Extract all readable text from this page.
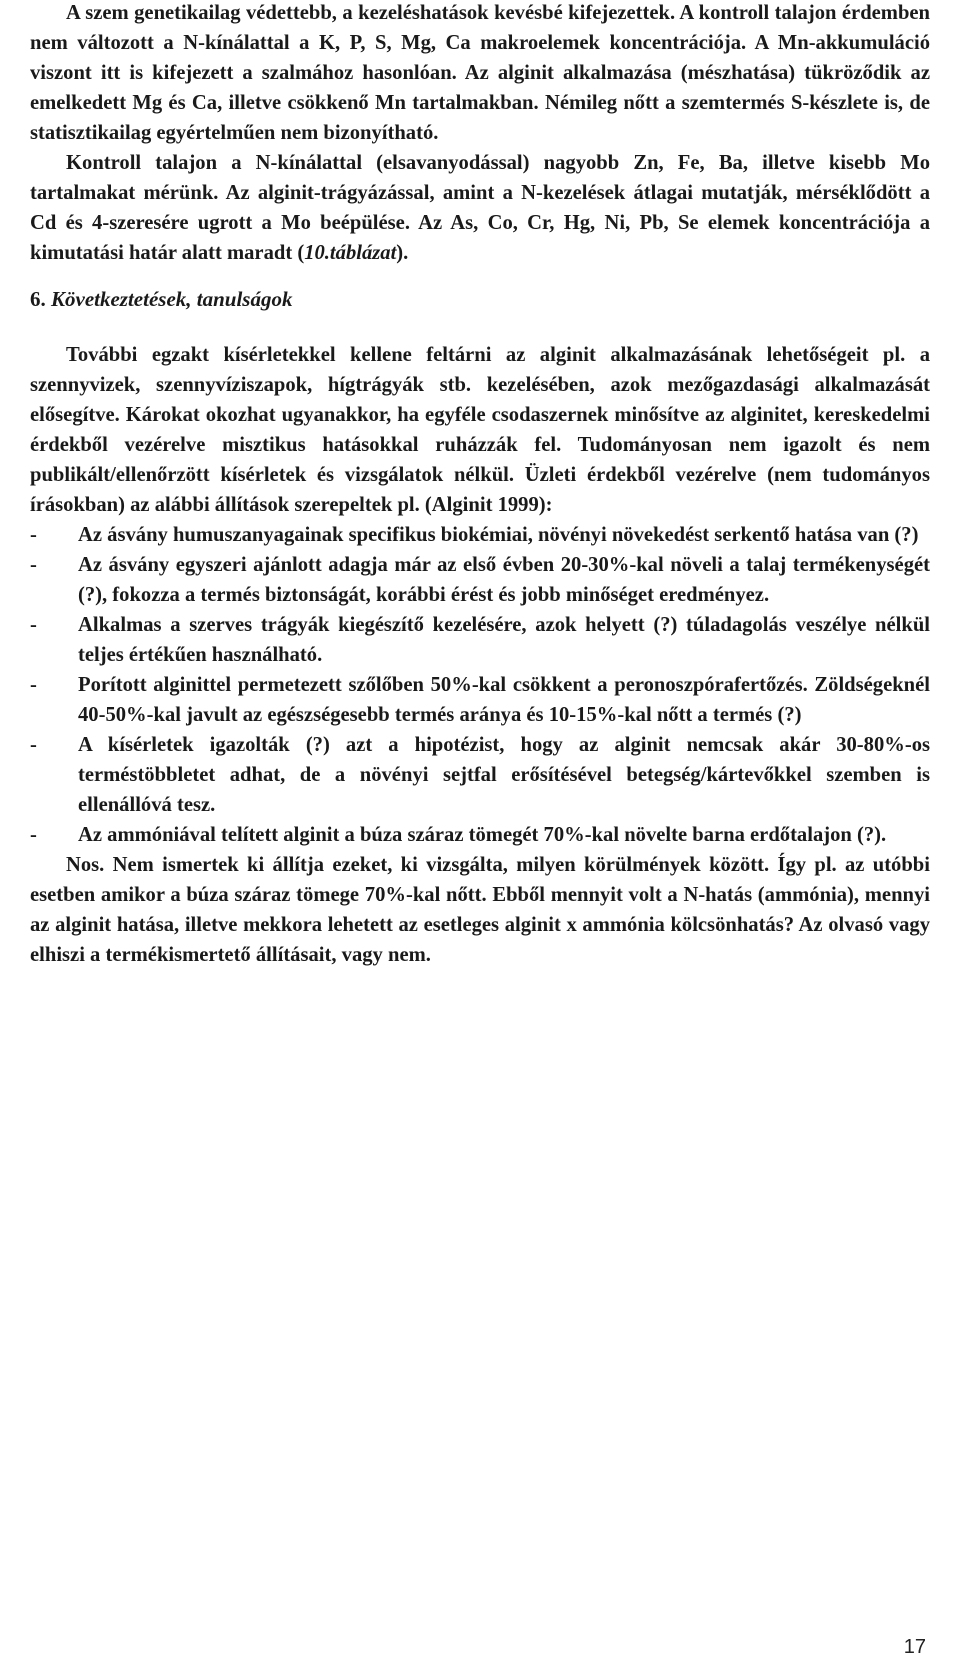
A szem genetikailag védettebb, a kezeléshatások kevésbé kifejezettek. A kontroll talajon érdemben nem változott a N-kínálattal a K, P, S, Mg, Ca makroelemek koncentrációja. A Mn-akkumuláció viszont itt is kifejezett a szalmához hasonlóan. Az alginit alkalmazása (mészhatása) tükröződik az emelkedett Mg és Ca, illetve csökkenő Mn tartalmakban. Némileg nőtt a szemtermés S-készlete is, de statisztikailag egyértelműen nem bizonyítható.

Kontroll talajon a N-kínálattal (elsavanyodással) nagyobb Zn, Fe, Ba, illetve kisebb Mo tartalmakat mérünk. Az alginit-trágyázással, amint a N-kezelések átlagai mutatják, mérséklődött a Cd és 4-szeresére ugrott a Mo beépülése. Az As, Co, Cr, Hg, Ni, Pb, Se elemek koncentrációja a kimutatási határ alatt maradt (10.táblázat).

6. Következtetések, tanulságok

További egzakt kísérletekkel kellene feltárni az alginit alkalmazásának lehetőségeit pl. a szennyvizek, szennyvíziszapok, hígtrágyák stb. kezelésében, azok mezőgazdasági alkalmazását elősegítve. Károkat okozhat ugyanakkor, ha egyféle csodaszernek minősítve az alginitet, kereskedelmi érdekből vezérelve misztikus hatásokkal ruházzák fel. Tudományosan nem igazolt és nem publikált/ellenőrzött kísérletek és vizsgálatok nélkül. Üzleti érdekből vezérelve (nem tudományos írásokban) az alábbi állítások szerepeltek pl. (Alginit 1999):

- Az ásvány humuszanyagainak specifikus biokémiai, növényi növekedést serkentő hatása van (?)
- Az ásvány egyszeri ajánlott adagja már az első évben 20-30%-kal növeli a talaj termékenységét (?), fokozza a termés biztonságát, korábbi érést és jobb minőséget eredményez.
- Alkalmas a szerves trágyák kiegészítő kezelésére, azok helyett (?) túladagolás veszélye nélkül teljes értékűen használható.
- Porított alginittel permetezett szőlőben 50%-kal csökkent a peronoszpórafertőzés. Zöldségeknél 40-50%-kal javult az egészségesebb termés aránya és 10-15%-kal nőtt a termés (?)
- A kísérletek igazolták (?) azt a hipotézist, hogy az alginit nemcsak akár 30-80%-os terméstöbbletet adhat, de a növényi sejtfal erősítésével betegség/kártevőkkel szemben is ellenállóvá tesz.
- Az ammóniával telített alginit a búza száraz tömegét 70%-kal növelte barna erdőtalajon (?).

Nos. Nem ismertek ki állítja ezeket, ki vizsgálta, milyen körülmények között. Így pl. az utóbbi esetben amikor a búza száraz tömege 70%-kal nőtt. Ebből mennyit volt a N-hatás (ammónia), mennyi az alginit hatása, illetve mekkora lehetett az esetleges alginit x ammónia kölcsönhatás? Az olvasó vagy elhiszi a termékismertető állításait, vagy nem.

17
